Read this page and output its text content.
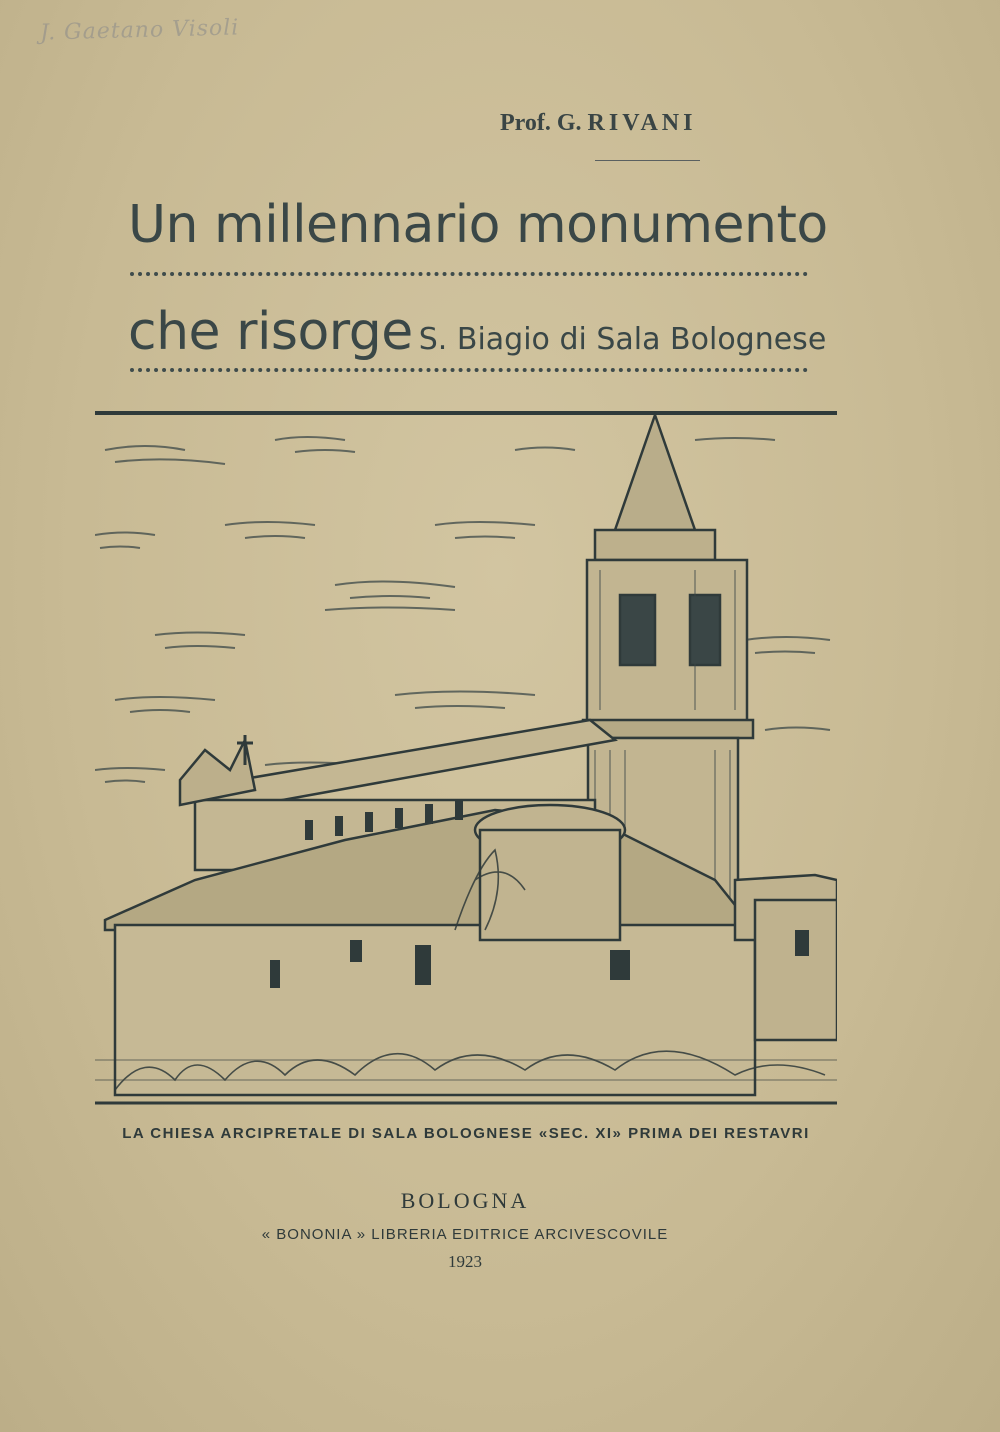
J. Gaetano Visoli
Prof. G. RIVANI
Un millennario monumento
che risorge S. Biagio di Sala Bolognese
LA CHIESA ARCIPRETALE DI SALA BOLOGNESE «SEC. XI» PRIMA DEI RESTAVRI
BOLOGNA
« BONONIA » LIBRERIA EDITRICE ARCIVESCOVILE
1923
